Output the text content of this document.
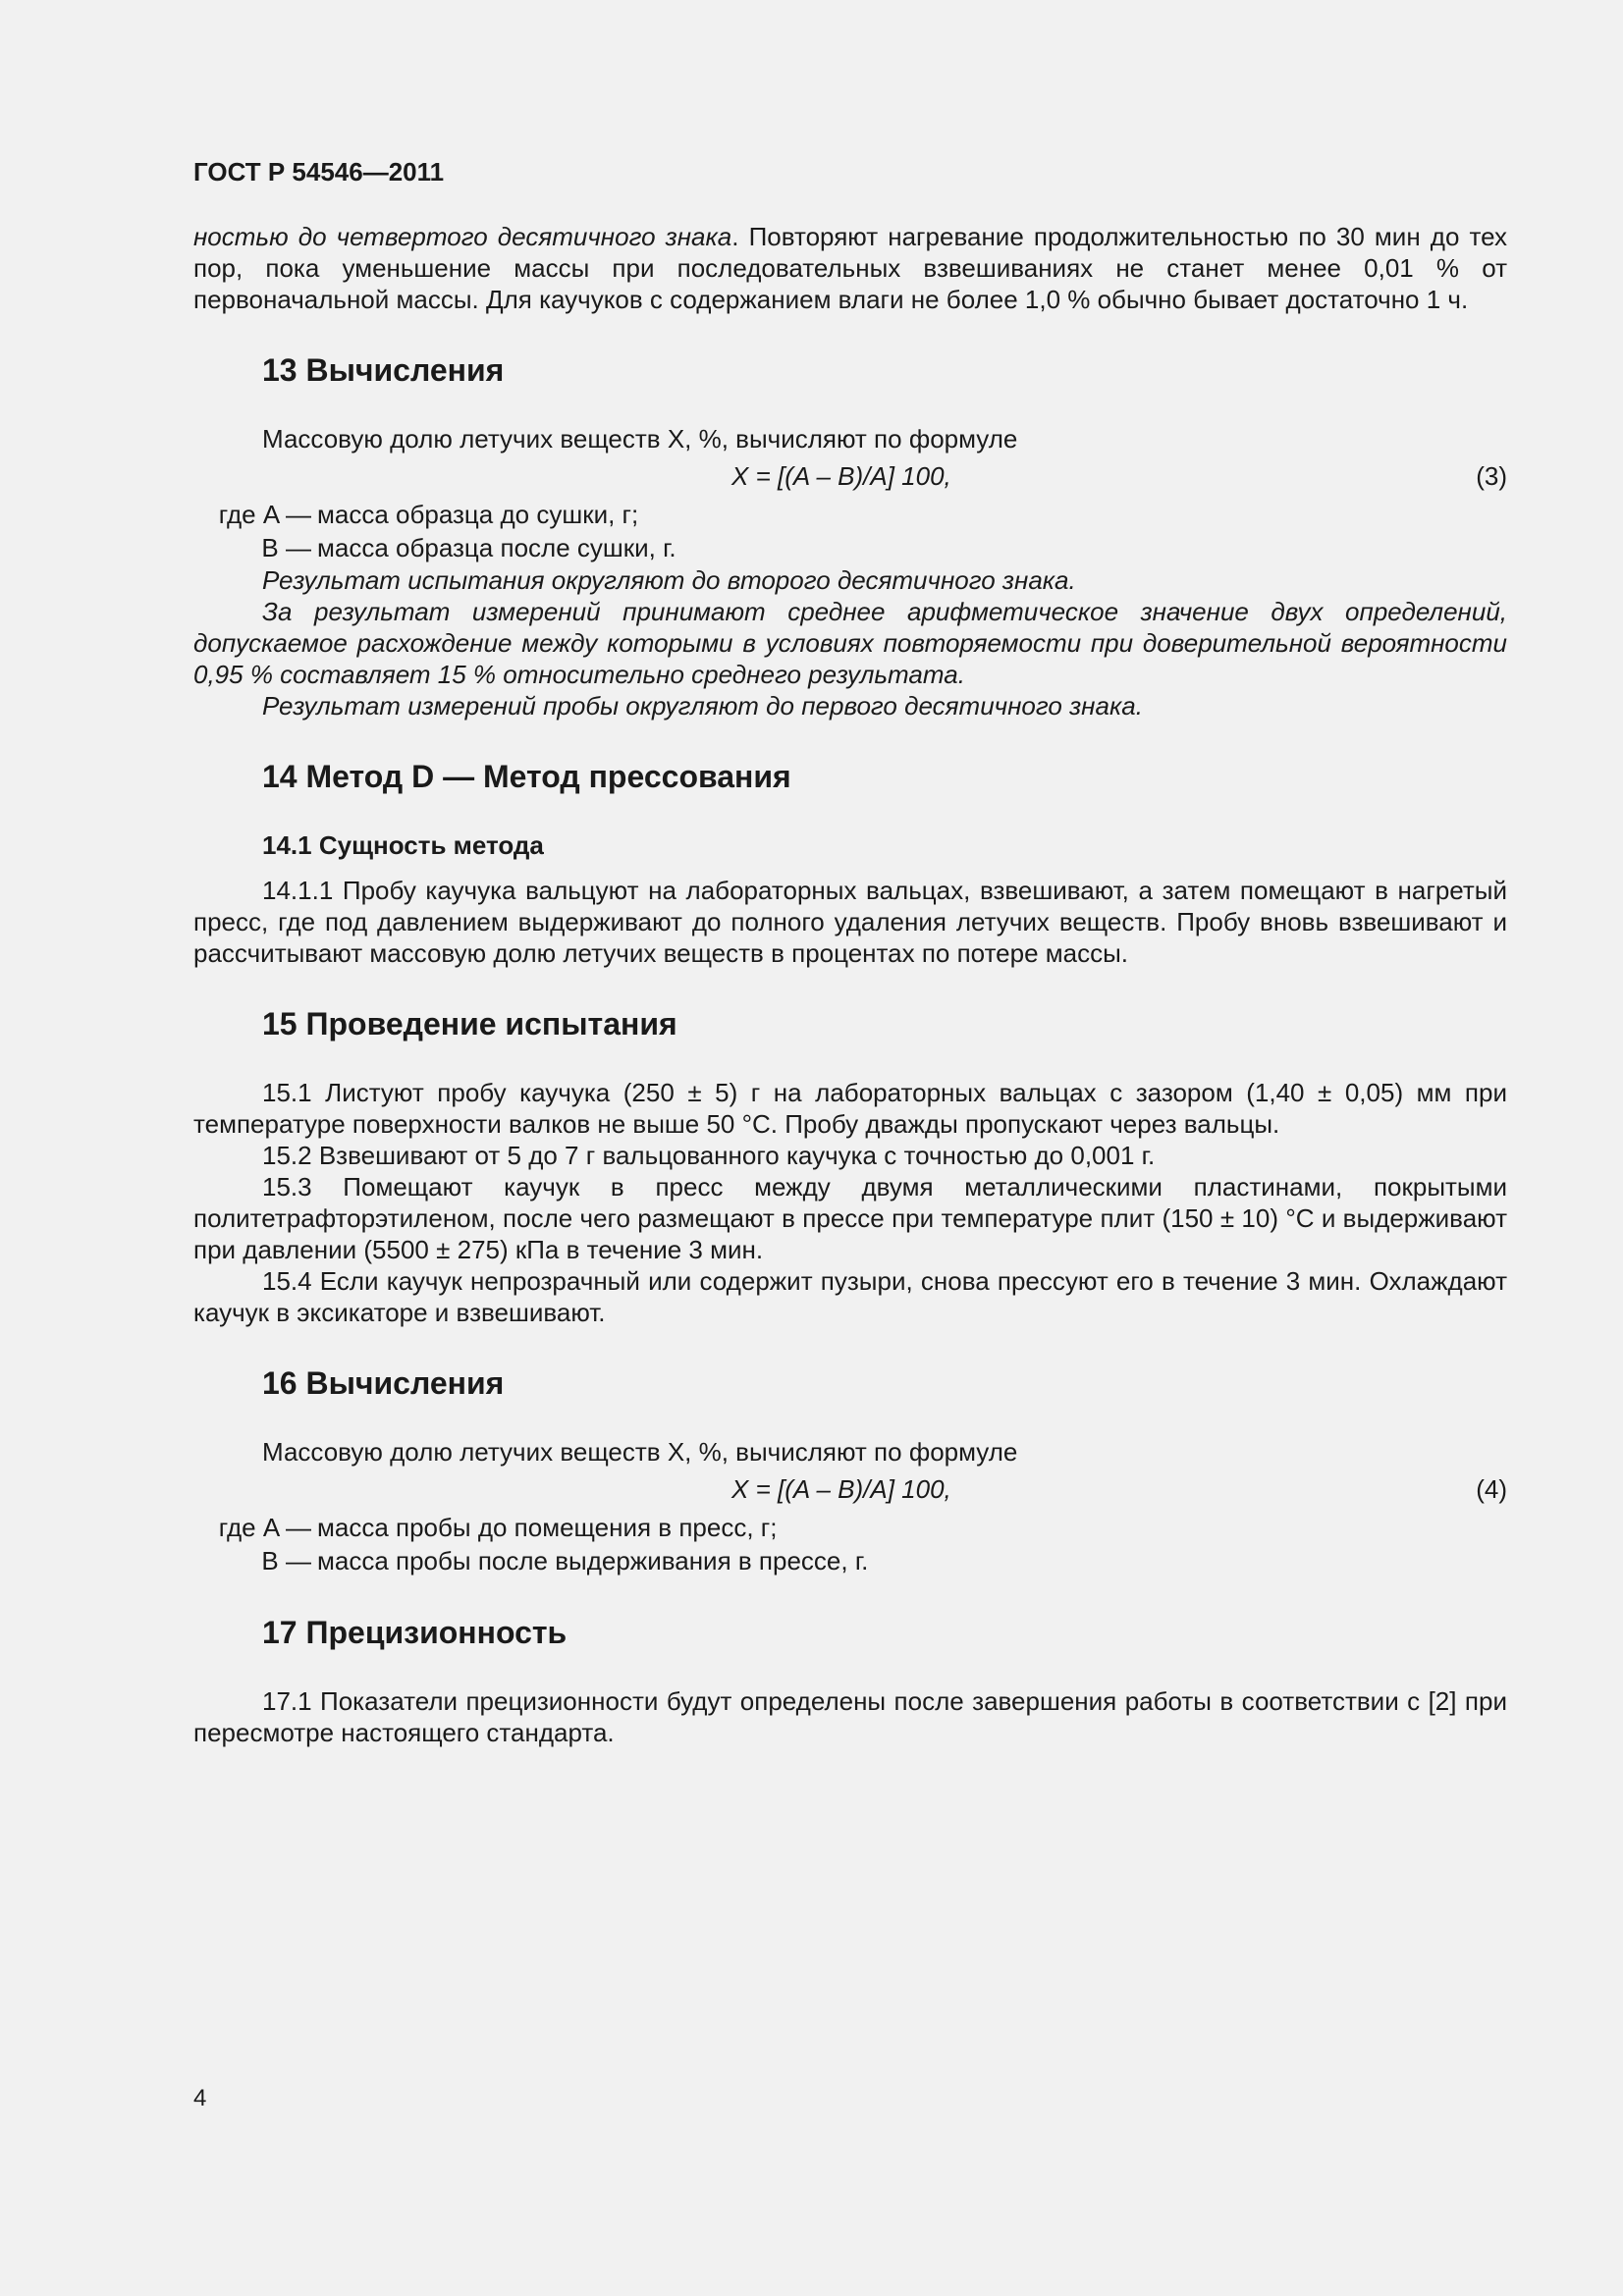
ГОСТ Р 54546—2011

ностью до четвертого десятичного знака. Повторяют нагревание продолжительностью по 30 мин до тех пор, пока уменьшение массы при последовательных взвешиваниях не станет менее 0,01 % от первоначальной массы. Для каучуков с содержанием влаги не более 1,0 % обычно бывает достаточно 1 ч.

13 Вычисления

Массовую долю летучих веществ X, %, вычисляют по формуле

X = [(A – B)/A] 100,	(3)
где A — масса образца до сушки, г;
B — масса образца после сушки, г.

Результат испытания округляют до второго десятичного знака.

За результат измерений принимают среднее арифметическое значение двух определений, допускаемое расхождение между которыми в условиях повторяемости при доверительной вероятности 0,95 % составляет 15 % относительно среднего результата.

Результат измерений пробы округляют до первого десятичного знака.

14 Метод D — Метод прессования
14.1 Сущность метода

14.1.1 Пробу каучука вальцуют на лабораторных вальцах, взвешивают, а затем помещают в нагретый пресс, где под давлением выдерживают до полного удаления летучих веществ. Пробу вновь взвешивают и рассчитывают массовую долю летучих веществ в процентах по потере массы.

15 Проведение испытания

15.1 Листуют пробу каучука (250 ± 5) г на лабораторных вальцах с зазором (1,40 ± 0,05) мм при температуре поверхности валков не выше 50 °С. Пробу дважды пропускают через вальцы.

15.2 Взвешивают от 5 до 7 г вальцованного каучука с точностью до 0,001 г.

15.3 Помещают каучук в пресс между двумя металлическими пластинами, покрытыми политетрафторэтиленом, после чего размещают в прессе при температуре плит (150 ± 10) °С и выдерживают при давлении (5500 ± 275) кПа в течение 3 мин.

15.4 Если каучук непрозрачный или содержит пузыри, снова прессуют его в течение 3 мин. Охлаждают каучук в эксикаторе и взвешивают.

16 Вычисления

Массовую долю летучих веществ X, %, вычисляют по формуле

X = [(A – B)/A] 100,	(4)
где A — масса пробы до помещения в пресс, г;
B — масса пробы после выдерживания в прессе, г.
17 Прецизионность

17.1 Показатели прецизионности будут определены после завершения работы в соответствии с [2] при пересмотре настоящего стандарта.

4
